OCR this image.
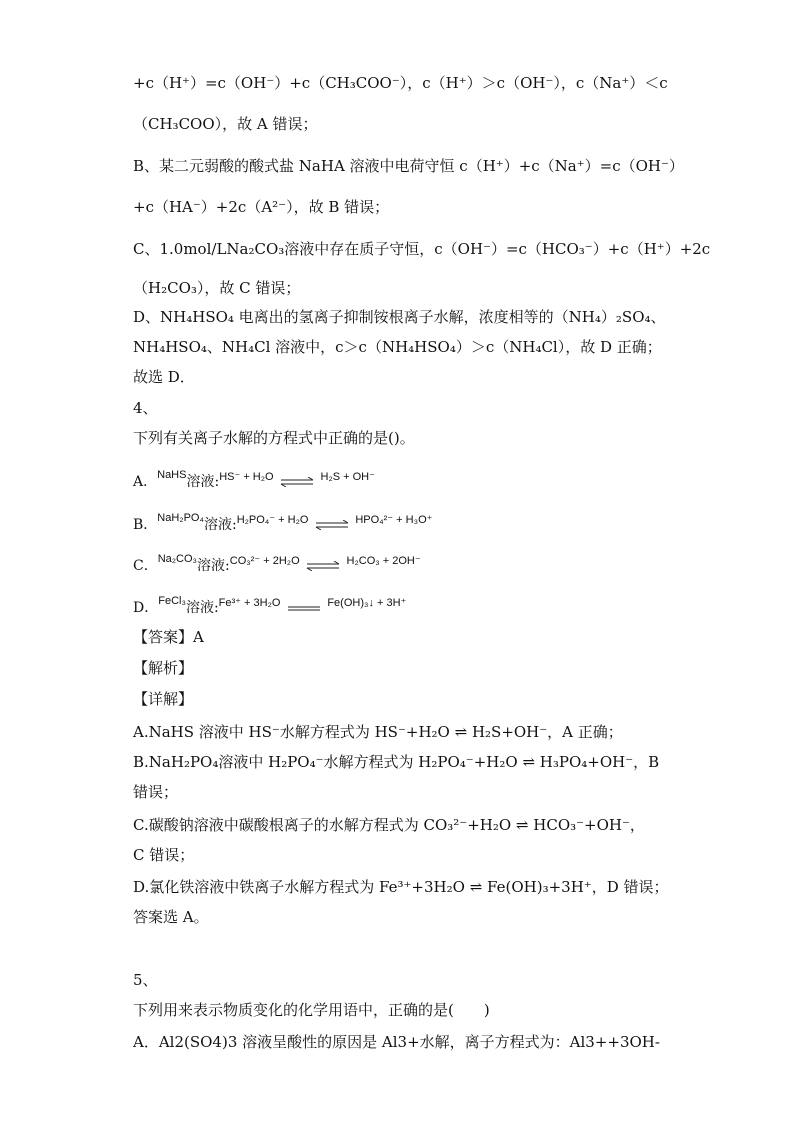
+c（H⁺）=c（OH⁻）+c（CH₃COO⁻），c（H⁺）＞c（OH⁻），c（Na⁺）＜c
（CH₃COO），故 A 错误；
B、某二元弱酸的酸式盐 NaHA 溶液中电荷守恒 c（H⁺）+c（Na⁺）=c（OH⁻）
+c（HA⁻）+2c（A²⁻），故 B 错误；
C、1.0mol/LNa₂CO₃溶液中存在质子守恒，c（OH⁻）=c（HCO₃⁻）+c（H⁺）+2c
（H₂CO₃），故 C 错误；
D、NH₄HSO₄ 电离出的氢离子抑制铵根离子水解，浓度相等的（NH₄）₂SO₄、
NH₄HSO₄、NH₄Cl 溶液中，c＞c（NH₄HSO₄）＞c（NH₄Cl），故 D 正确；
故选 D．
4、
下列有关离子水解的方程式中正确的是()。
A．$^{NaHS}$溶液:$^{HS^- + H_2O}$ ⇌ $^{H_2S + OH^-}$
B．$^{NaH_2PO_4}$溶液:$^{H_2PO_4^- + H_2O}$ ⇌ $^{HPO_4^{2-} + H_3O^+}$
C．$^{Na_2CO_3}$溶液:$^{CO_3^{2-} + 2H_2O}$ ⇌ $^{H_2CO_3 + 2OH^-}$
D．$^{FeCl_3}$溶液:$^{Fe^{3+} + 3H_2O}$	$^{Fe(OH)_3↓ + 3H^+}$
【答案】A
【解析】
【详解】
A.NaHS 溶液中 HS⁻水解方程式为 HS⁻+H₂O ⇌ H₂S+OH⁻，A 正确；
B.NaH₂PO₄溶液中 H₂PO₄⁻水解方程式为 H₂PO₄⁻+H₂O ⇌ H₃PO₄+OH⁻，B
错误；
C.碳酸钠溶液中碳酸根离子的水解方程式为 CO₃²⁻+H₂O ⇌ HCO₃⁻+OH⁻，
C 错误；
D.氯化铁溶液中铁离子水解方程式为 Fe³⁺+3H₂O ⇌ Fe(OH)₃+3H⁺，D 错误；
答案选 A。
5、
下列用来表示物质变化的化学用语中，正确的是(　　)
A．Al2(SO4)3 溶液呈酸性的原因是 Al3+水解，离子方程式为：Al3++3OH-
